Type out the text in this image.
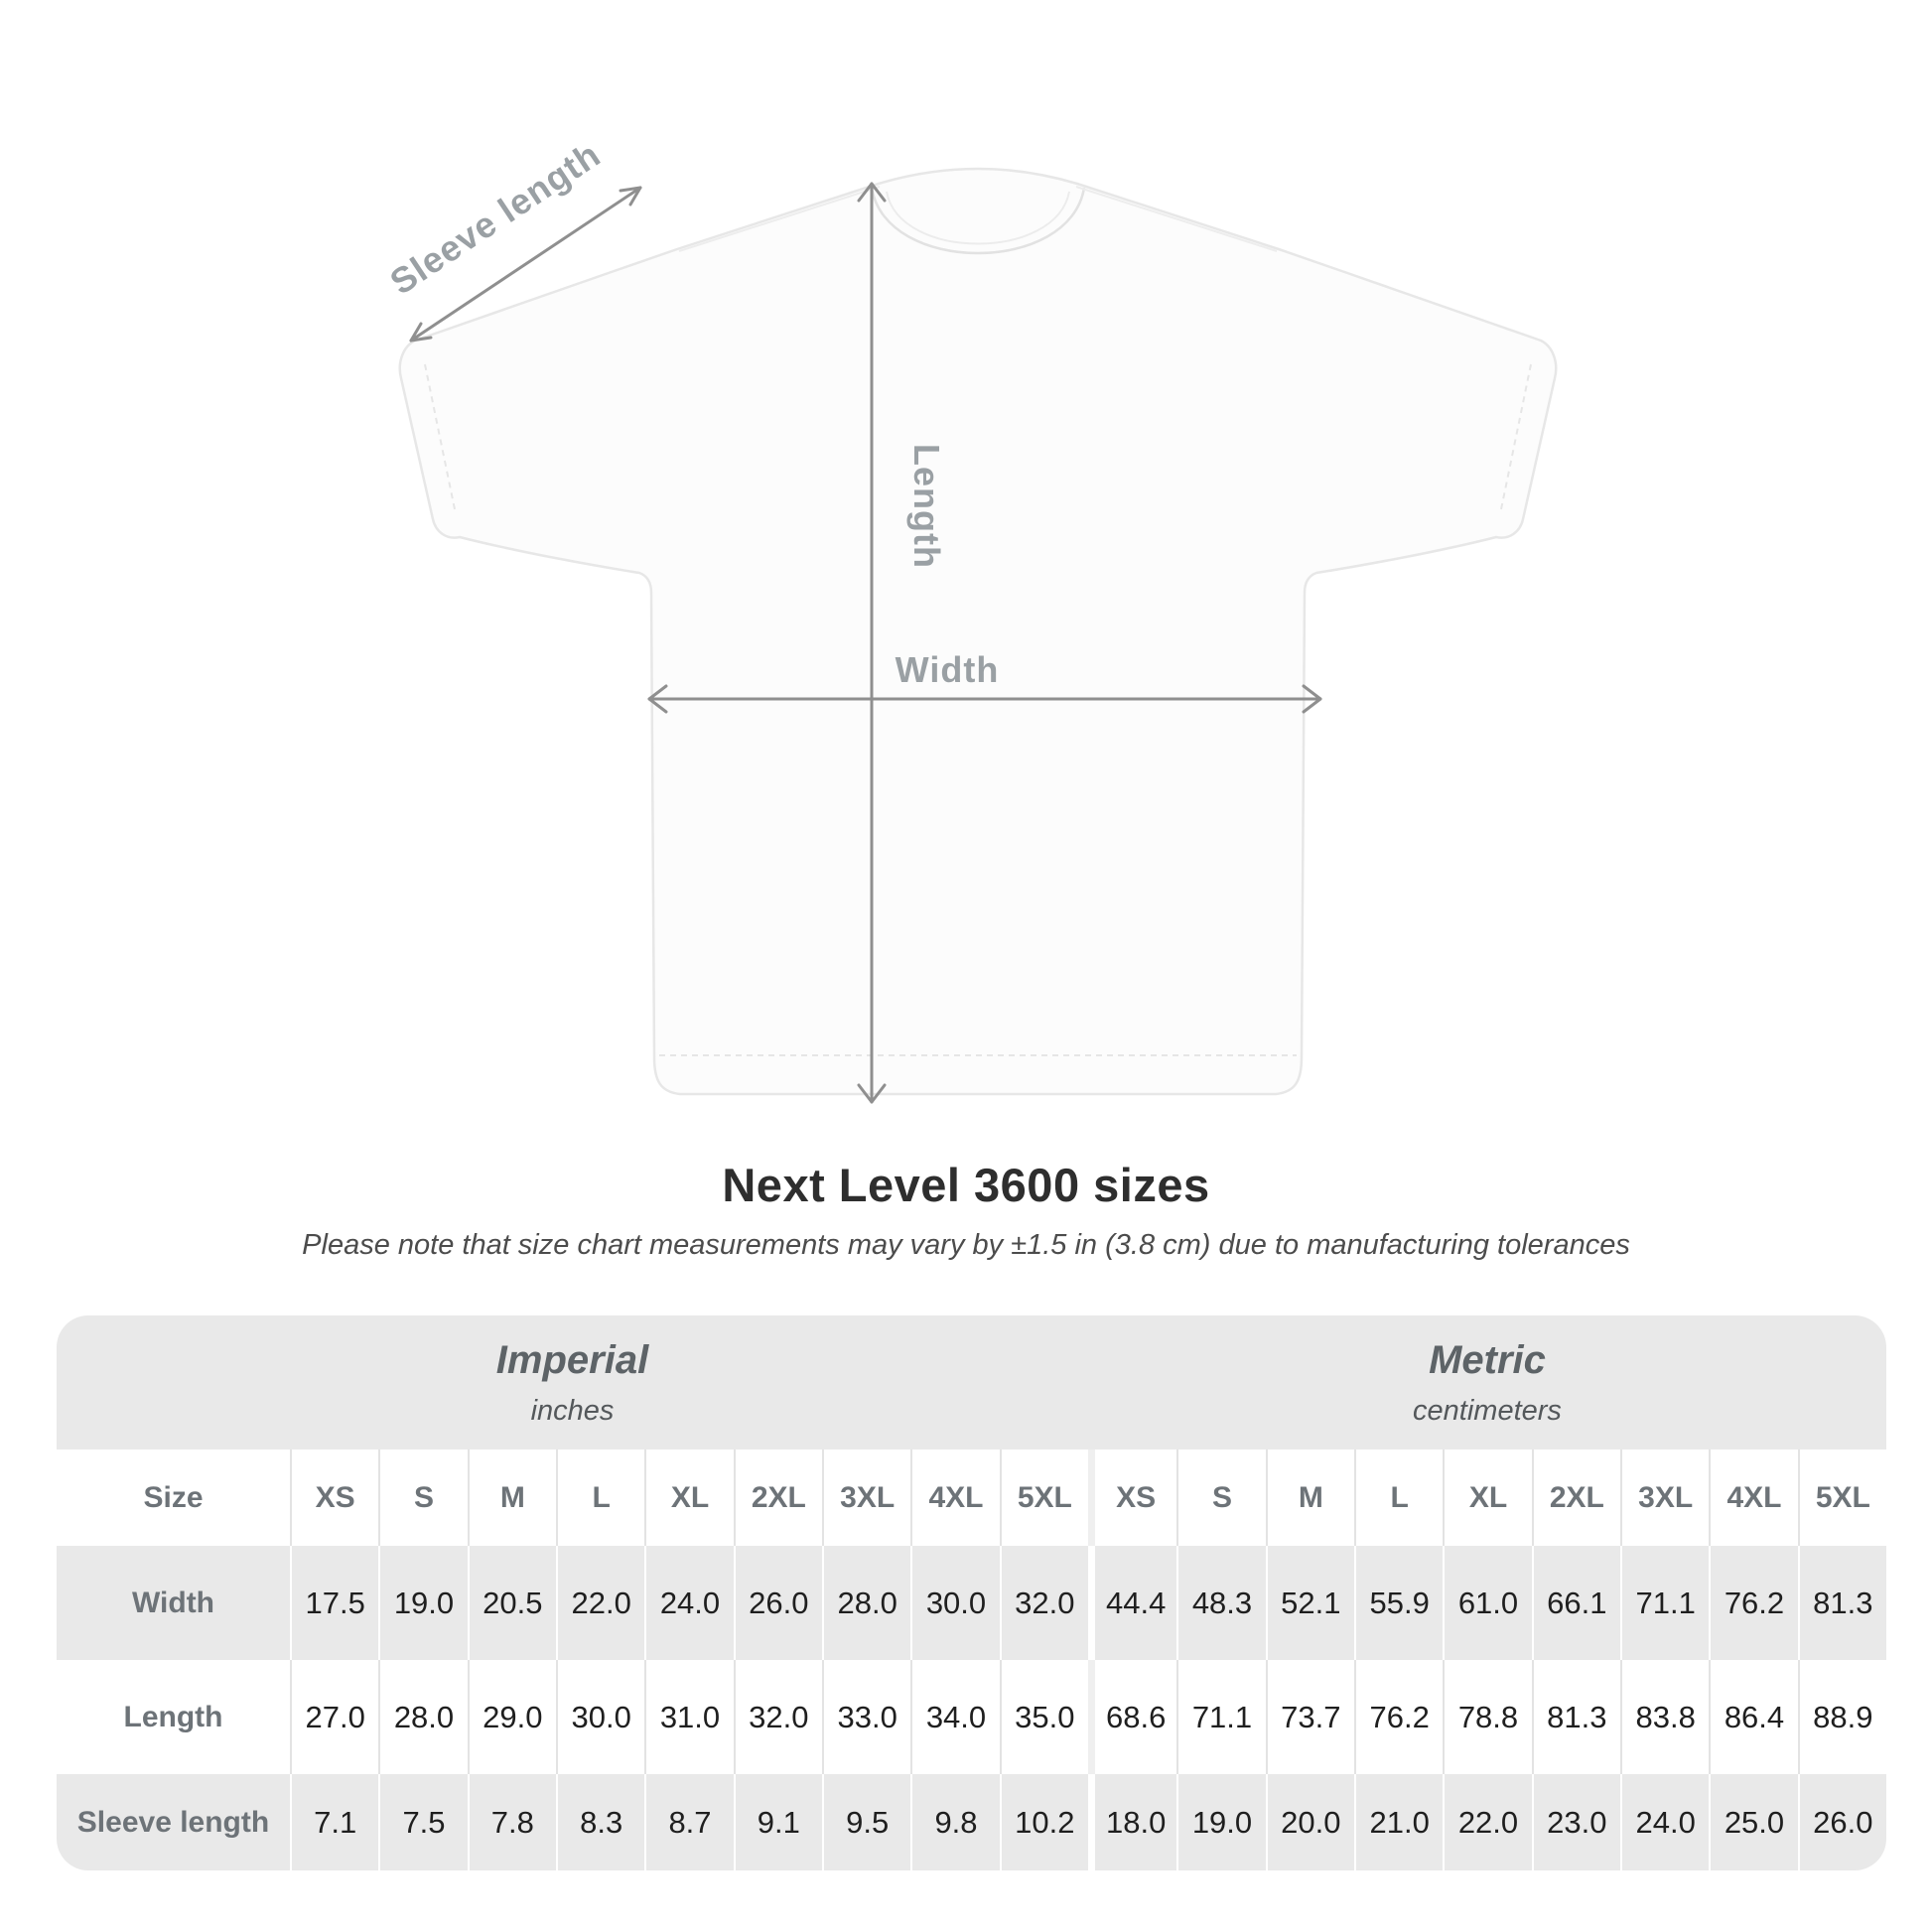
Sleeve length
Length
Width
Next Level 3600 sizes

Please note that size chart measurements may vary by ±1.5 in (3.8 cm) due to manufacturing tolerances

Imperial
inches
Metric
centimeters
Size	XS	S	M	L	XL	2XL	3XL	4XL	5XL	XS	S	M	L	XL	2XL	3XL	4XL	5XL
Width	17.5 19.0 20.5 22.0 24.0 26.0 28.0 30.0 32.0	44.4 48.3 52.1 55.9 61.0 66.1 71.1 76.2 81.3
Length	27.0 28.0 29.0 30.0 31.0 32.0 33.0 34.0 35.0	68.6 71.1 73.7 76.2 78.8 81.3 83.8 86.4 88.9
Sleeve length	7.1	7.5	7.8	8.3	8.7	9.1	9.5	9.8	10.2	18.0 19.0 20.0 21.0 22.0 23.0 24.0 25.0 26.0
